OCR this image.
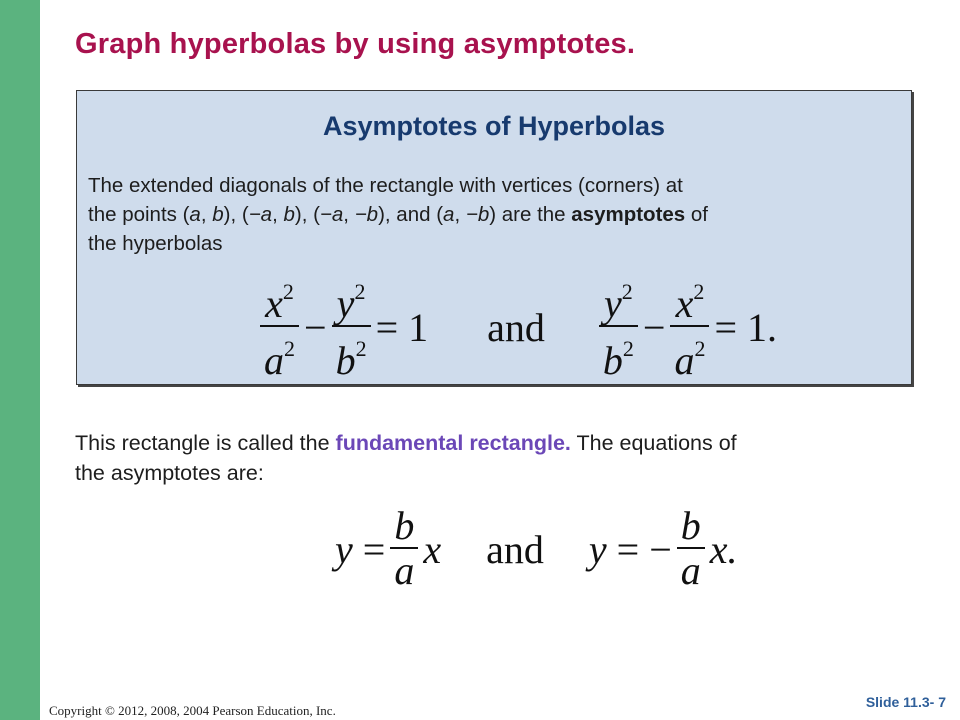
Graph hyperbolas by using asymptotes.
Asymptotes of Hyperbolas
The extended diagonals of the rectangle with vertices (corners) at
the points (a, b), (−a, b), (−a, −b), and (a, −b) are the asymptotes of
the hyperbolas
$\frac{x^2}{a^2} - \frac{y^2}{b^2} = 1$ and $\frac{y^2}{b^2} - \frac{x^2}{a^2} = 1$.
This rectangle is called the fundamental rectangle. The equations of
the asymptotes are:
$y = \frac{b}{a}$ x and y = − $\frac{b}{a} x$.
Copyright © 2012, 2008, 2004 Pearson Education, Inc.
Slide 11.3- 7
